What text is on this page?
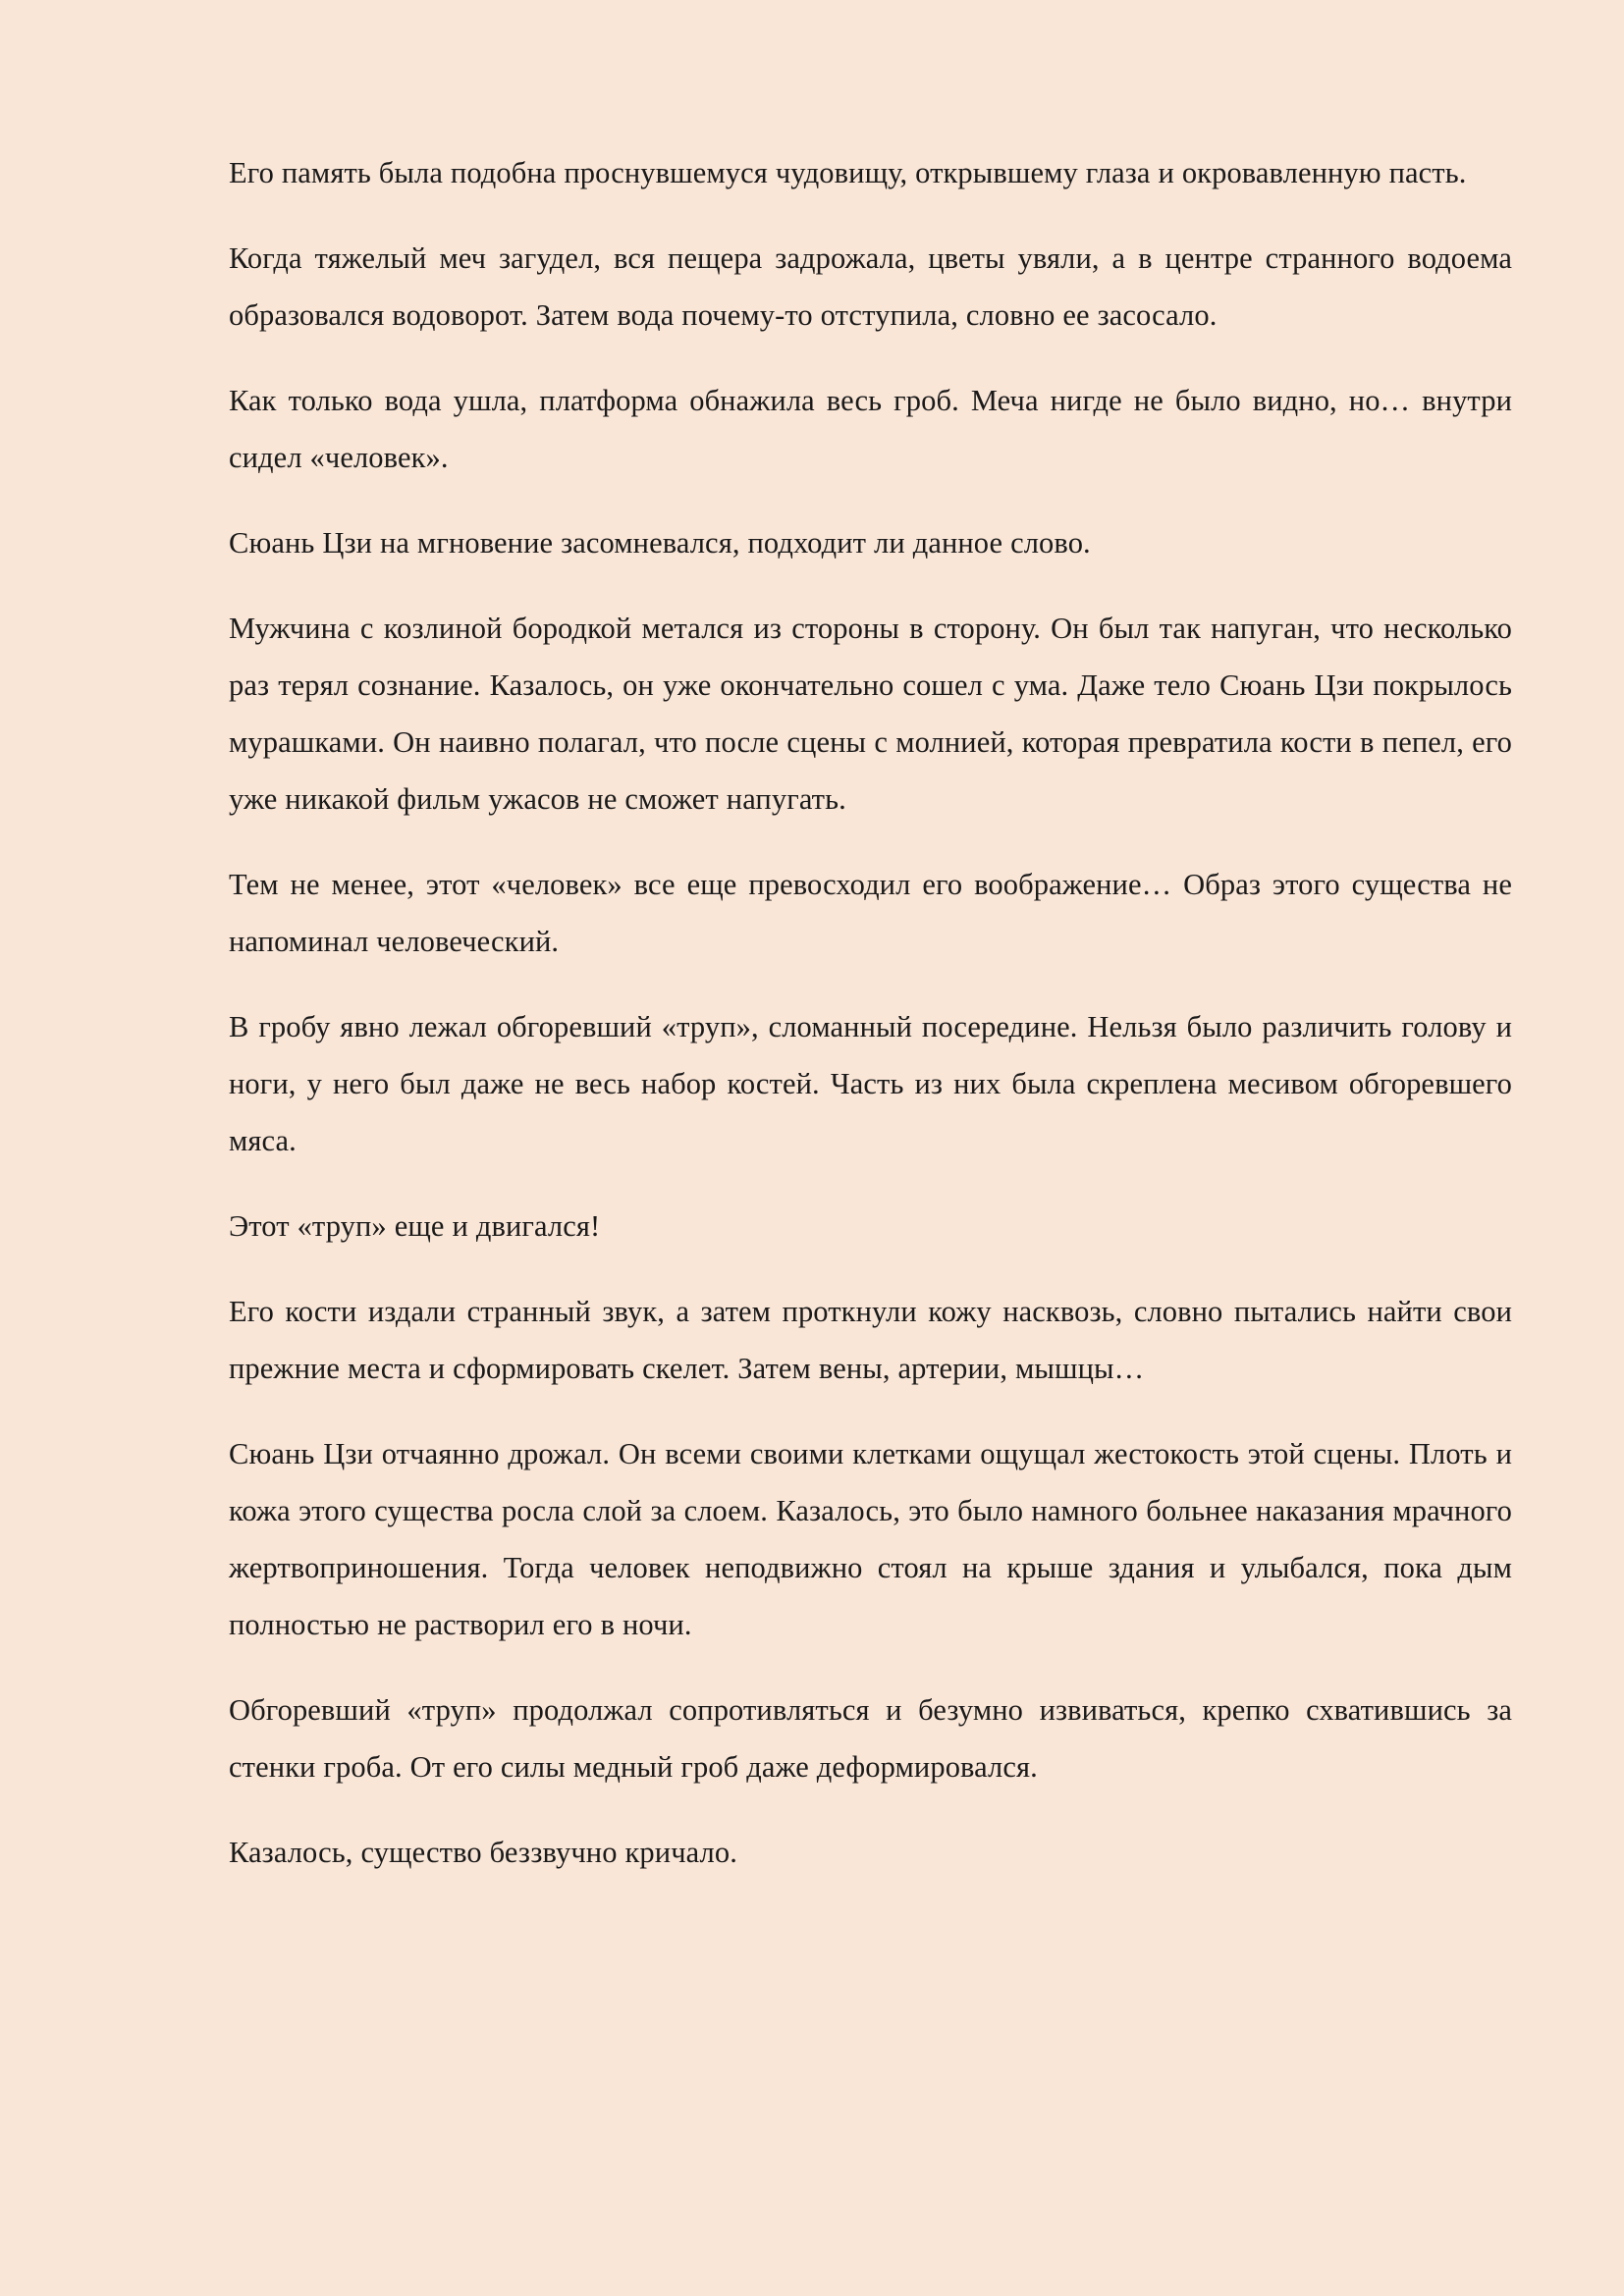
Его память была подобна проснувшемуся чудовищу, открывшему глаза и окровавленную пасть.

Когда тяжелый меч загудел, вся пещера задрожала, цветы увяли, а в центре странного водоема образовался водоворот. Затем вода почему-то отступила, словно ее засосало.

Как только вода ушла, платформа обнажила весь гроб. Меча нигде не было видно, но… внутри сидел «человек».

Сюань Цзи на мгновение засомневался, подходит ли данное слово.

Мужчина с козлиной бородкой метался из стороны в сторону. Он был так напуган, что несколько раз терял сознание. Казалось, он уже окончательно сошел с ума. Даже тело Сюань Цзи покрылось мурашками. Он наивно полагал, что после сцены с молнией, которая превратила кости в пепел, его уже никакой фильм ужасов не сможет напугать.

Тем не менее, этот «человек» все еще превосходил его воображение… Образ этого существа не напоминал человеческий.

В гробу явно лежал обгоревший «труп», сломанный посередине. Нельзя было различить голову и ноги, у него был даже не весь набор костей. Часть из них была скреплена месивом обгоревшего мяса.

Этот «труп» еще и двигался!

Его кости издали странный звук, а затем проткнули кожу насквозь, словно пытались найти свои прежние места и сформировать скелет. Затем вены, артерии, мышцы…

Сюань Цзи отчаянно дрожал. Он всеми своими клетками ощущал жестокость этой сцены. Плоть и кожа этого существа росла слой за слоем. Казалось, это было намного больнее наказания мрачного жертвоприношения. Тогда человек неподвижно стоял на крыше здания и улыбался, пока дым полностью не растворил его в ночи.

Обгоревший «труп» продолжал сопротивляться и безумно извиваться, крепко схватившись за стенки гроба. От его силы медный гроб даже деформировался.

Казалось, существо беззвучно кричало.
